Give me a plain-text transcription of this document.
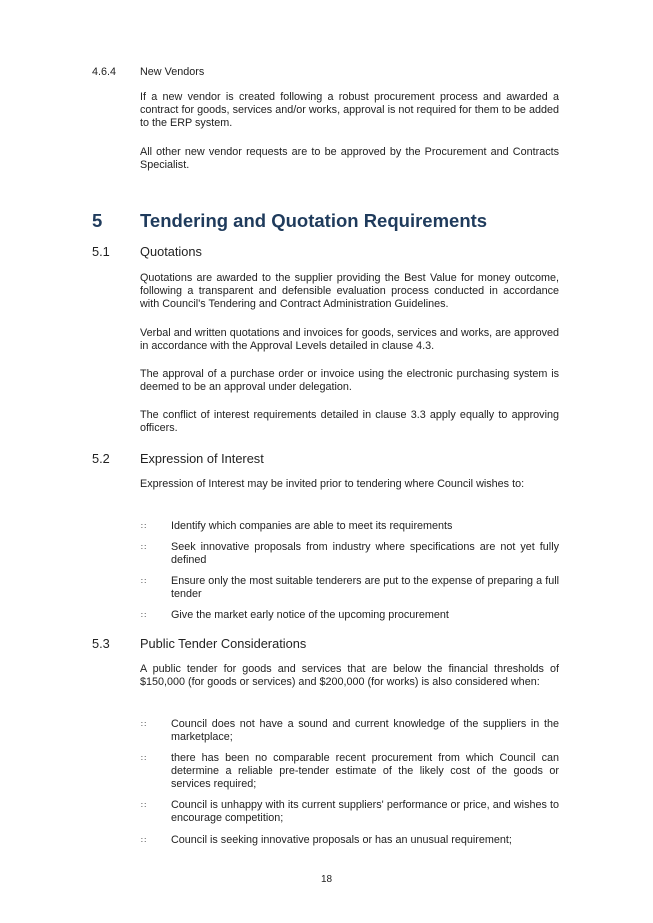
4.6.4 New Vendors
If a new vendor is created following a robust procurement process and awarded a contract for goods, services and/or works, approval is not required for them to be added to the ERP system.
All other new vendor requests are to be approved by the Procurement and Contracts Specialist.
5 Tendering and Quotation Requirements
5.1 Quotations
Quotations are awarded to the supplier providing the Best Value for money outcome, following a transparent and defensible evaluation process conducted in accordance with Council's Tendering and Contract Administration Guidelines.
Verbal and written quotations and invoices for goods, services and works, are approved in accordance with the Approval Levels detailed in clause 4.3.
The approval of a purchase order or invoice using the electronic purchasing system is deemed to be an approval under delegation.
The conflict of interest requirements detailed in clause 3.3 apply equally to approving officers.
5.2 Expression of Interest
Expression of Interest may be invited prior to tendering where Council wishes to:
∷ Identify which companies are able to meet its requirements
∷ Seek innovative proposals from industry where specifications are not yet fully defined
∷ Ensure only the most suitable tenderers are put to the expense of preparing a full tender
∷ Give the market early notice of the upcoming procurement
5.3 Public Tender Considerations
A public tender for goods and services that are below the financial thresholds of $150,000 (for goods or services) and $200,000 (for works) is also considered when:
∷ Council does not have a sound and current knowledge of the suppliers in the marketplace;
∷ there has been no comparable recent procurement from which Council can determine a reliable pre-tender estimate of the likely cost of the goods or services required;
∷ Council is unhappy with its current suppliers' performance or price, and wishes to encourage competition;
∷ Council is seeking innovative proposals or has an unusual requirement;
18
